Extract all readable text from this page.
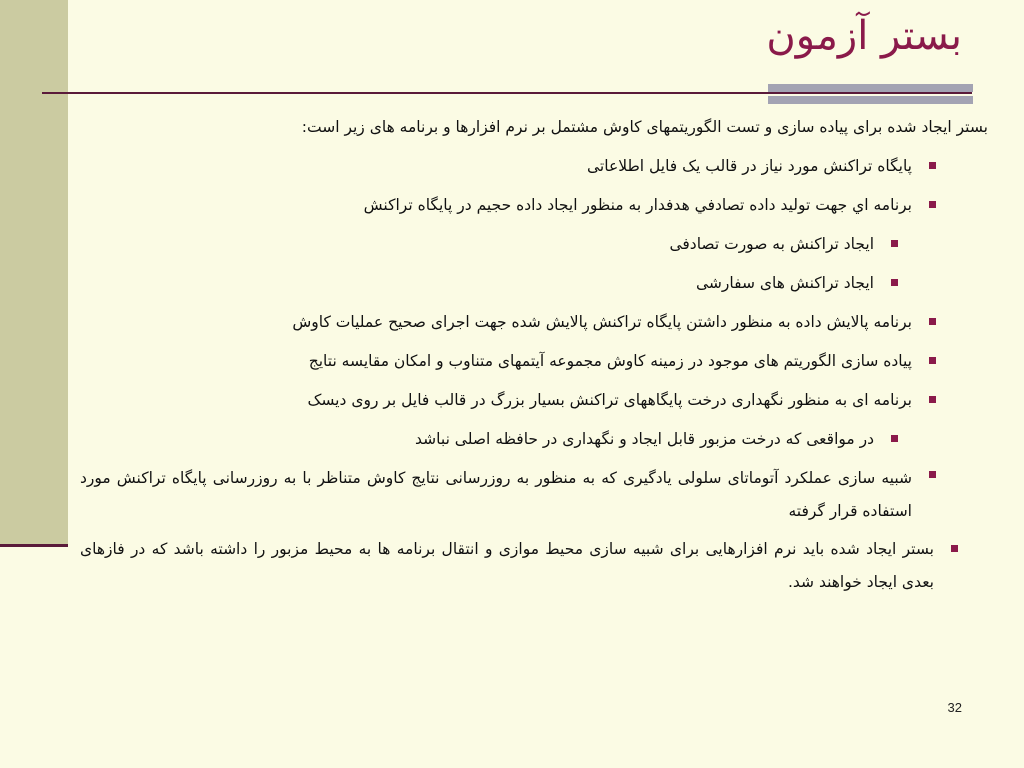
بستر آزمون

بستر ايجاد شده برای پیاده سازی و تست الگوريتمهای کاوش مشتمل بر نرم افزارها و برنامه های زير است:

پایگاه تراكنش مورد نياز در قالب يک فايل اطلاعاتی
برنامه اي جهت توليد داده تصادفي هدفدار به منظور ايجاد داده حجيم در پایگاه تراكنش
ايجاد تراكنش به صورت تصادفی
ايجاد تراكنش های سفارشی
برنامه پالايش داده به منظور داشتن پایگاه تراكنش پالايش شده جهت اجرای صحيح عمليات كاوش
پیاده سازی الگوريتم های موجود در زمينه كاوش مجموعه آيتمهای متناوب و امكان مقايسه نتايج
برنامه ای به منظور نگهداری درخت پايگاههای تراكنش بسيار بزرگ در قالب فايل بر روی ديسک
در مواقعی كه درخت مزبور قابل ايجاد و نگهداری در حافظه اصلی نباشد
شبيه سازی عملكرد آتوماتای سلولی يادگيری كه به منظور به روزرسانی نتايج كاوش متناظر با به روزرسانی پایگاه تراكنش مورد استفاده قرار گرفته
بستر ايجاد شده بايد نرم افزارهايی برای شبيه سازی محيط موازی و انتقال برنامه ها به محيط مزبور را داشته باشد كه در فازهای بعدی ايجاد خواهند شد.
32
